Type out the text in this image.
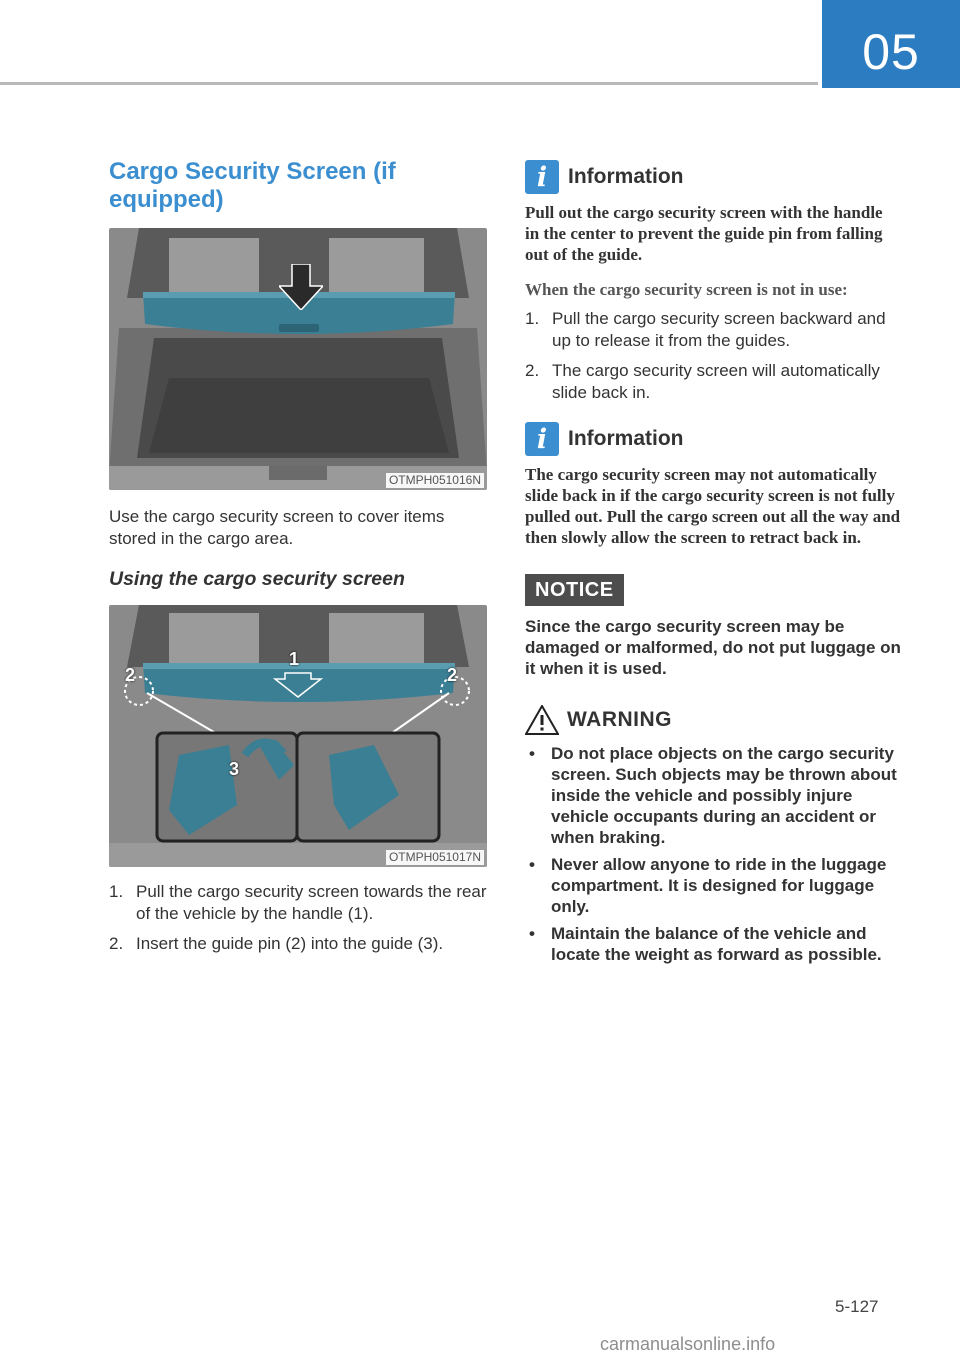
05
Cargo Security Screen (if equipped)
OTMPH051016N

Use the cargo security screen to cover items stored in the cargo area.

Using the cargo security screen
1
2	2
3
OTMPH051017N
1. Pull the cargo security screen towards the rear of the vehicle by the handle (1).
2. Insert the guide pin (2) into the guide (3).
i Information

Pull out the cargo security screen with the handle in the center to prevent the guide pin from falling out of the guide.

When the cargo security screen is not in use:

1. Pull the cargo security screen backward and up to release it from the guides.
2. The cargo security screen will automatically slide back in.
i Information

The cargo security screen may not automatically slide back in if the cargo security screen is not fully pulled out. Pull the cargo screen out all the way and then slowly allow the screen to retract back in.

NOTICE

Since the cargo security screen may be damaged or malformed, do not put luggage on it when it is used.

WARNING
• Do not place objects on the cargo security screen. Such objects may be thrown about inside the vehicle and possibly injure vehicle occupants during an accident or when braking.
• Never allow anyone to ride in the luggage compartment. It is designed for luggage only.
• Maintain the balance of the vehicle and locate the weight as forward as possible.
5-127
carmanualsonline.info
